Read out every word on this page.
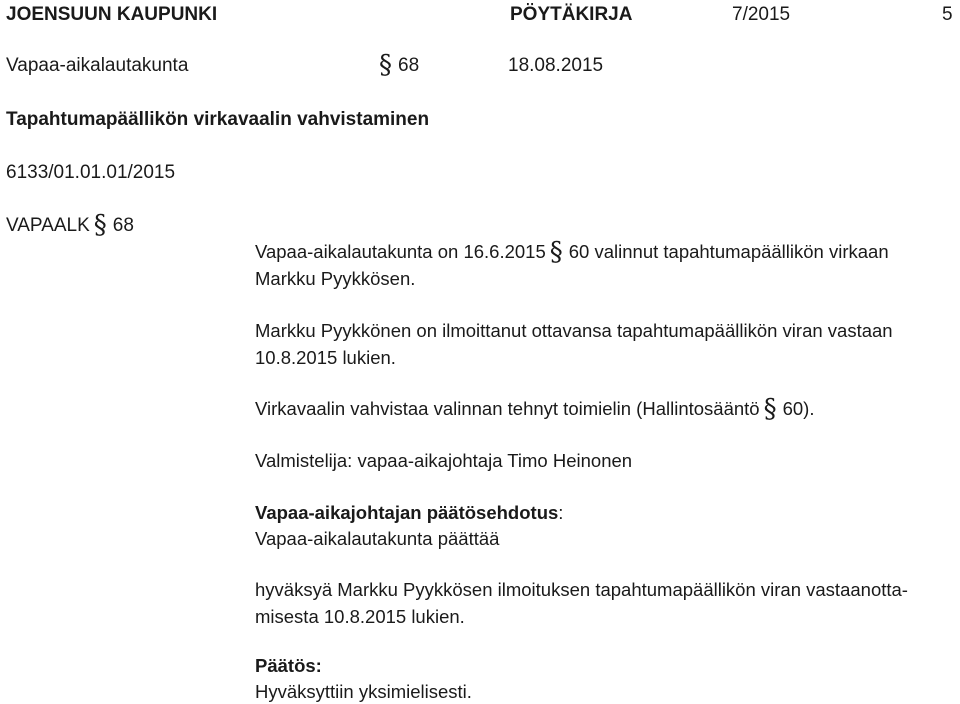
JOENSUUN KAUPUNKI	PÖYTÄKIRJA	7/2015	5
Vapaa-aikalautakunta	§ 68	18.08.2015
Tapahtumapäällikön virkavaalin vahvistaminen
6133/01.01.01/2015
VAPAALK § 68
Vapaa-aikalautakunta on 16.6.2015 § 60 valinnut tapahtumapäällikön virkaan
Markku Pyykkösen.
Markku Pyykkönen on ilmoittanut ottavansa tapahtumapäällikön viran vastaan
10.8.2015 lukien.
Virkavaalin vahvistaa valinnan tehnyt toimielin (Hallintosääntö § 60).
Valmistelija: vapaa-aikajohtaja Timo Heinonen
Vapaa-aikajohtajan päätösehdotus:
Vapaa-aikalautakunta päättää
hyväksyä Markku Pyykkösen ilmoituksen tapahtumapäällikön viran vastaanotta-
misesta 10.8.2015 lukien.
Päätös:
Hyväksyttiin yksimielisesti.
